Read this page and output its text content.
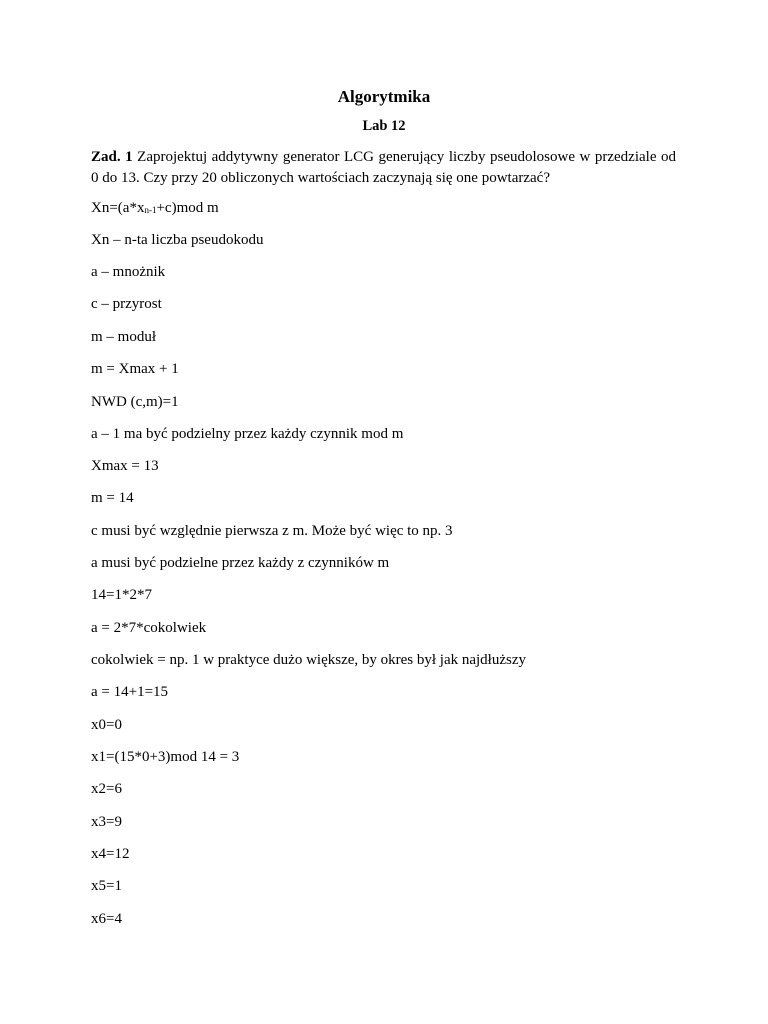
Algorytmika
Lab 12
Zad. 1 Zaprojektuj addytywny generator LCG generujący liczby pseudolosowe w przedziale od 0 do 13. Czy przy 20 obliczonych wartościach zaczynają się one powtarzać?
$Xn=(a*x_{n-1}+c)mod$ m
Xn – n-ta liczba pseudokodu
a – mnożnik
c – przyrost
m – moduł
m = Xmax + 1
NWD (c,m)=1
a – 1 ma być podzielny przez każdy czynnik mod m
Xmax = 13
m = 14
c musi być względnie pierwsza z m. Może być więc to np. 3
a musi być podzielne przez każdy z czynników m
14=1*2*7
a = 2*7*cokolwiek
cokolwiek = np. 1 w praktyce dużo większe, by okres był jak najdłuższy
a = 14+1=15
x0=0
x1=(15*0+3)mod 14 = 3
x2=6
x3=9
x4=12
x5=1
x6=4
